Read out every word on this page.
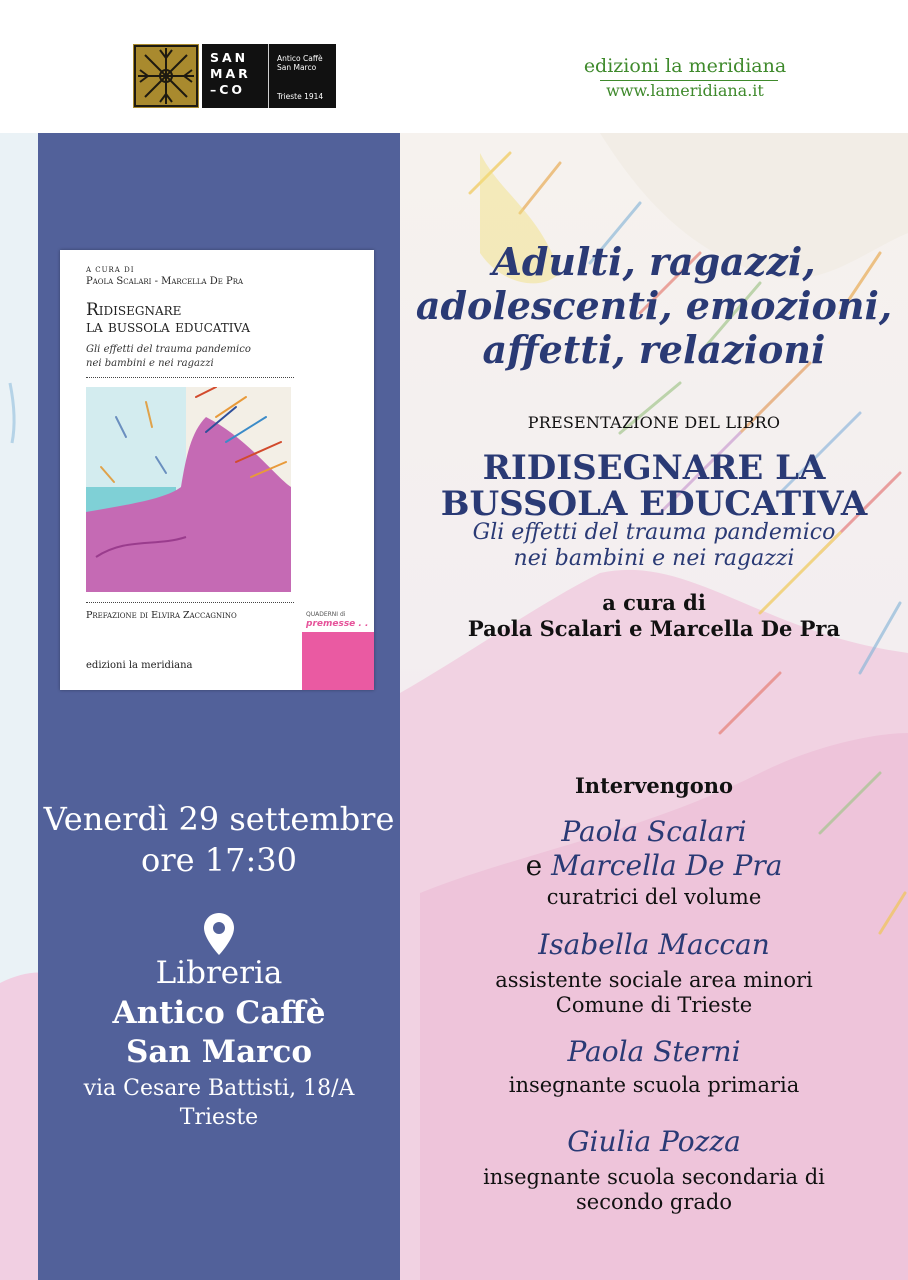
SAN
MAR
–CO
Antico Caffè
San Marco
Trieste 1914
edizioni la meridiana
www.lameridiana.it
A CURA DI
Paola Scalari - Marcella De Pra
Ridisegnare
la bussola educativa
Gli effetti del trauma pandemico
nei bambini e nei ragazzi
Prefazione di Elvira Zaccagnino	QUADERNI di
premesse . .
edizioni la meridiana
Venerdì 29 settembre
ore 17:30
Libreria
Antico Caffè
San Marco
via Cesare Battisti, 18/A
Trieste
Adulti, ragazzi,
adolescenti, emozioni,
affetti, relazioni
PRESENTAZIONE DEL LIBRO
RIDISEGNARE LA
BUSSOLA EDUCATIVA
Gli effetti del trauma pandemico
nei bambini e nei ragazzi
a cura di
Paola Scalari e Marcella De Pra
Intervengono
Paola Scalari
e Marcella De Pra
curatrici del volume
Isabella Maccan
assistente sociale area minori
Comune di Trieste
Paola Sterni
insegnante scuola primaria
Giulia Pozza
insegnante scuola secondaria di
secondo grado
